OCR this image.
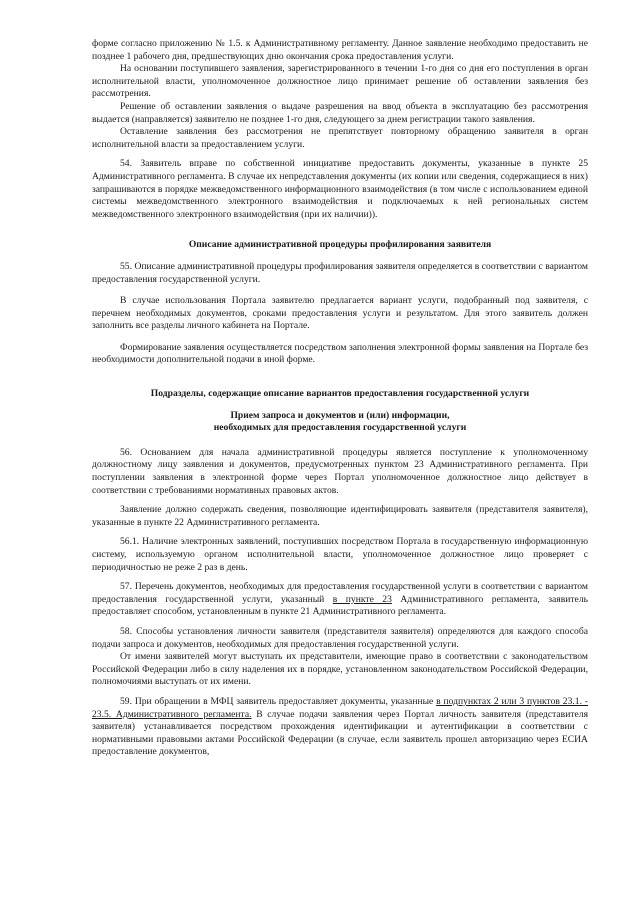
форме согласно приложению № 1.5. к Административному регламенту. Данное заявление необходимо предоставить не позднее 1 рабочего дня, предшествующих дню окончания срока предоставления услуги.

На основании поступившего заявления, зарегистрированного в течении 1-го дня со дня его поступления в орган исполнительной власти, уполномоченное должностное лицо принимает решение об оставлении заявления без рассмотрения.

Решение об оставлении заявления о выдаче разрешения на ввод объекта в эксплуатацию без рассмотрения выдается (направляется) заявителю не позднее 1-го дня, следующего за днем регистрации такого заявления.

Оставление заявления без рассмотрения не препятствует повторному обращению заявителя в орган исполнительной власти за предоставлением услуги.

54. Заявитель вправе по собственной инициативе предоставить документы, указанные в пункте 25 Административного регламента. В случае их непредставления документы (их копии или сведения, содержащиеся в них) запрашиваются в порядке межведомственного информационного взаимодействия (в том числе с использованием единой системы межведомственного электронного взаимодействия и подключаемых к ней региональных систем межведомственного электронного взаимодействия (при их наличии)).

Описание административной процедуры профилирования заявителя

55. Описание административной процедуры профилирования заявителя определяется в соответствии с вариантом предоставления государственной услуги.

В случае использования Портала заявителю предлагается вариант услуги, подобранный под заявителя, с перечнем необходимых документов, сроками предоставления услуги и результатом. Для этого заявитель должен заполнить все разделы личного кабинета на Портале.

Формирование заявления осуществляется посредством заполнения электронной формы заявления на Портале без необходимости дополнительной подачи в иной форме.

Подразделы, содержащие описание вариантов предоставления государственной услуги

Прием запроса и документов и (или) информации,

необходимых для предоставления государственной услуги

56. Основанием для начала административной процедуры является поступление к уполномоченному должностному лицу заявления и документов, предусмотренных пунктом 23 Административного регламента. При поступлении заявления в электронной форме через Портал уполномоченное должностное лицо действует в соответствии с требованиями нормативных правовых актов.

Заявление должно содержать сведения, позволяющие идентифицировать заявителя (представителя заявителя), указанные в пункте 22 Административного регламента.

56.1. Наличие электронных заявлений, поступивших посредством Портала в государственную информационную систему, используемую органом исполнительной власти, уполномоченное должностное лицо проверяет с периодичностью не реже 2 раз в день.

57. Перечень документов, необходимых для предоставления государственной услуги в соответствии с вариантом предоставления государственной услуги, указанный в пункте 23 Административного регламента, заявитель предоставляет способом, установленным в пункте 21 Административного регламента.

58. Способы установления личности заявителя (представителя заявителя) определяются для каждого способа подачи запроса и документов, необходимых для предоставления государственной услуги.

От имени заявителей могут выступать их представители, имеющие право в соответствии с законодательством Российской Федерации либо в силу наделения их в порядке, установленном законодательством Российской Федерации, полномочиями выступать от их имени.

59. При обращении в МФЦ заявитель предоставляет документы, указанные в подпунктах 2 или 3 пунктов 23.1. - 23.5. Административного регламента. В случае подачи заявления через Портал личность заявителя (представителя заявителя) устанавливается посредством прохождения идентификации и аутентификации в соответствии с нормативными правовыми актами Российской Федерации (в случае, если заявитель прошел авторизацию через ЕСИА предоставление документов,
